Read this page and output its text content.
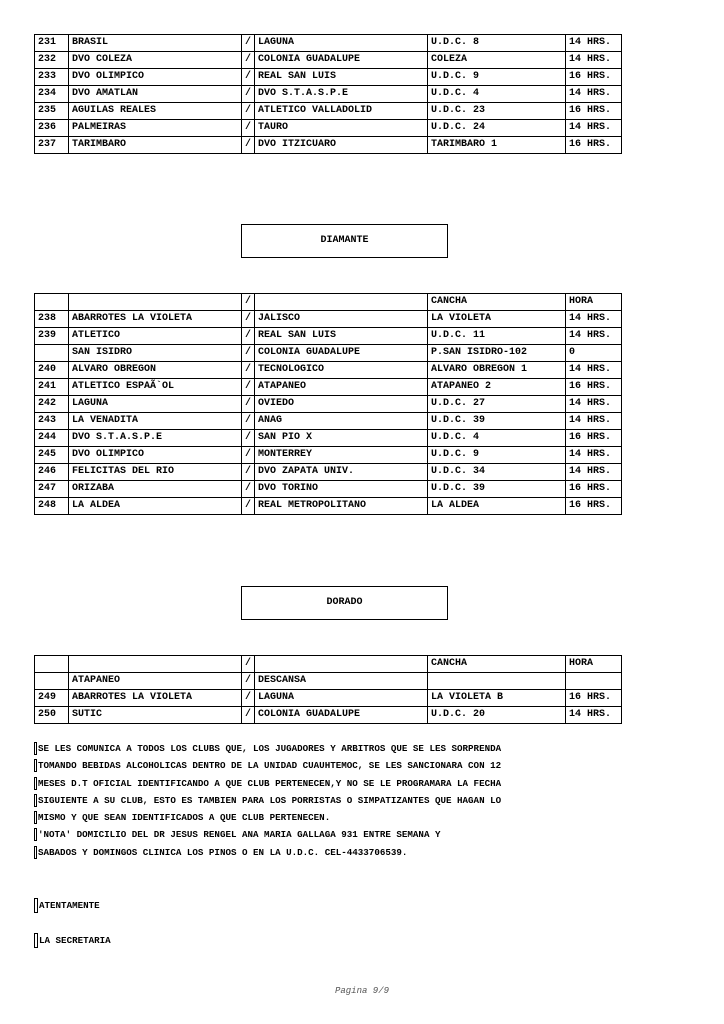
231	BRASIL	/	LAGUNA	U.D.C. 8	14 HRS.
232	DVO COLEZA	/	COLONIA GUADALUPE	COLEZA	14 HRS.
233	DVO OLIMPICO	/	REAL SAN LUIS	U.D.C. 9	16 HRS.
234	DVO AMATLAN	/	DVO S.T.A.S.P.E	U.D.C. 4	14 HRS.
235	AGUILAS REALES	/	ATLETICO VALLADOLID	U.D.C. 23	16 HRS.
236	PALMEIRAS	/	TAURO	U.D.C. 24	14 HRS.
237	TARIMBARO	/	DVO ITZICUARO	TARIMBARO 1	16 HRS.
DIAMANTE
		/		CANCHA	HORA
238	ABARROTES LA VIOLETA	/	JALISCO	LA VIOLETA	14 HRS.
239	ATLETICO	/	REAL SAN LUIS	U.D.C. 11	14 HRS.
	SAN ISIDRO	/	COLONIA GUADALUPE	P.SAN ISIDRO-102	0
240	ALVARO OBREGON	/	TECNOLOGICO	ALVARO OBREGON 1	14 HRS.
241	ATLETICO ESPAÃ`OL	/	ATAPANEO	ATAPANEO 2	16 HRS.
242	LAGUNA	/	OVIEDO	U.D.C. 27	14 HRS.
243	LA VENADITA	/	ANAG	U.D.C. 39	14 HRS.
244	DVO S.T.A.S.P.E	/	SAN PIO X	U.D.C. 4	16 HRS.
245	DVO OLIMPICO	/	MONTERREY	U.D.C. 9	14 HRS.
246	FELICITAS DEL RIO	/	DVO ZAPATA UNIV.	U.D.C. 34	14 HRS.
247	ORIZABA	/	DVO TORINO	U.D.C. 39	16 HRS.
248	LA ALDEA	/	REAL METROPOLITANO	LA ALDEA	16 HRS.
DORADO
		/		CANCHA	HORA
	ATAPANEO	/	DESCANSA		
249	ABARROTES LA VIOLETA	/	LAGUNA	LA VIOLETA B	16 HRS.
250	SUTIC	/	COLONIA GUADALUPE	U.D.C. 20	14 HRS.
SE LES COMUNICA A TODOS LOS CLUBS QUE, LOS JUGADORES Y ARBITROS QUE SE LES SORPRENDA
TOMANDO BEBIDAS ALCOHOLICAS DENTRO DE LA UNIDAD CUAUHTEMOC, SE LES SANCIONARA CON 12
MESES D.T OFICIAL IDENTIFICANDO A QUE CLUB PERTENECEN,Y NO SE LE PROGRAMARA LA FECHA
SIGUIENTE A SU CLUB, ESTO ES TAMBIEN PARA LOS PORRISTAS O SIMPATIZANTES QUE HAGAN LO
MISMO Y QUE SEAN IDENTIFICADOS A QUE CLUB PERTENECEN.
'NOTA' DOMICILIO DEL DR JESUS RENGEL ANA MARIA GALLAGA 931 ENTRE SEMANA Y
SABADOS Y DOMINGOS CLINICA LOS PINOS O EN LA U.D.C. CEL-4433706539.
ATENTAMENTE
LA SECRETARIA
Pagina 9/9
